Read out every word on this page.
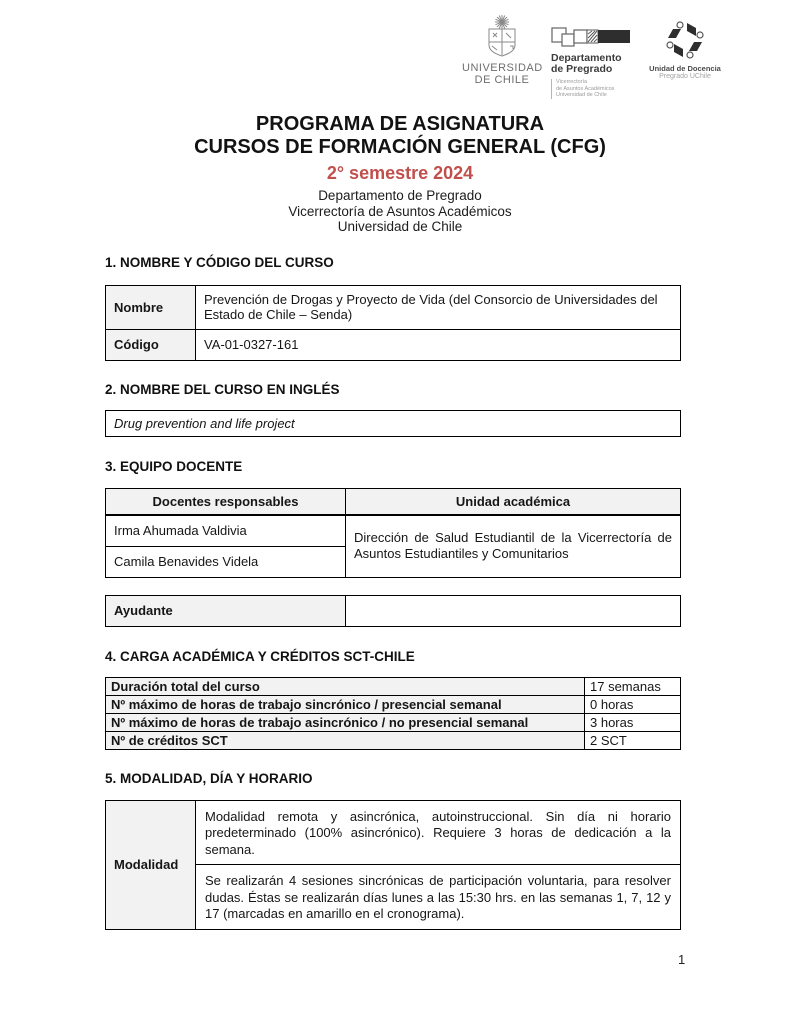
UNIVERSIDAD
DE CHILE
Departamento
de Pregrado
Vicerrectoría
de Asuntos Académicos
Universidad de Chile
Unidad de Docencia
Pregrado UChile
PROGRAMA DE ASIGNATURA
CURSOS DE FORMACIÓN GENERAL (CFG)
2° semestre 2024
Departamento de Pregrado
Vicerrectoría de Asuntos Académicos
Universidad de Chile
1. NOMBRE Y CÓDIGO DEL CURSO
Nombre	Prevención de Drogas y Proyecto de Vida (del Consorcio de Universidades del Estado de Chile – Senda)
Código	VA-01-0327-161
2. NOMBRE DEL CURSO EN INGLÉS
Drug prevention and life project
3. EQUIPO DOCENTE
Docentes responsables	Unidad académica
Irma Ahumada Valdivia	Dirección de Salud Estudiantil de la Vicerrectoría de Asuntos Estudiantiles y Comunitarios
Camila Benavides Videla	
Ayudante	
4. CARGA ACADÉMICA Y CRÉDITOS SCT-CHILE
Duración total del curso	17 semanas
Nº máximo de horas de trabajo sincrónico / presencial semanal	0 horas
Nº máximo de horas de trabajo asincrónico / no presencial semanal	3 horas
Nº de créditos SCT	2 SCT
5. MODALIDAD, DÍA Y HORARIO
Modalidad	Modalidad remota y asincrónica, autoinstruccional. Sin día ni horario predeterminado (100% asincrónico). Requiere 3 horas de dedicación a la semana.
Se realizarán 4 sesiones sincrónicas de participación voluntaria, para resolver dudas. Éstas se realizarán días lunes a las 15:30 hrs. en las semanas 1, 7, 12 y 17 (marcadas en amarillo en el cronograma).
1
